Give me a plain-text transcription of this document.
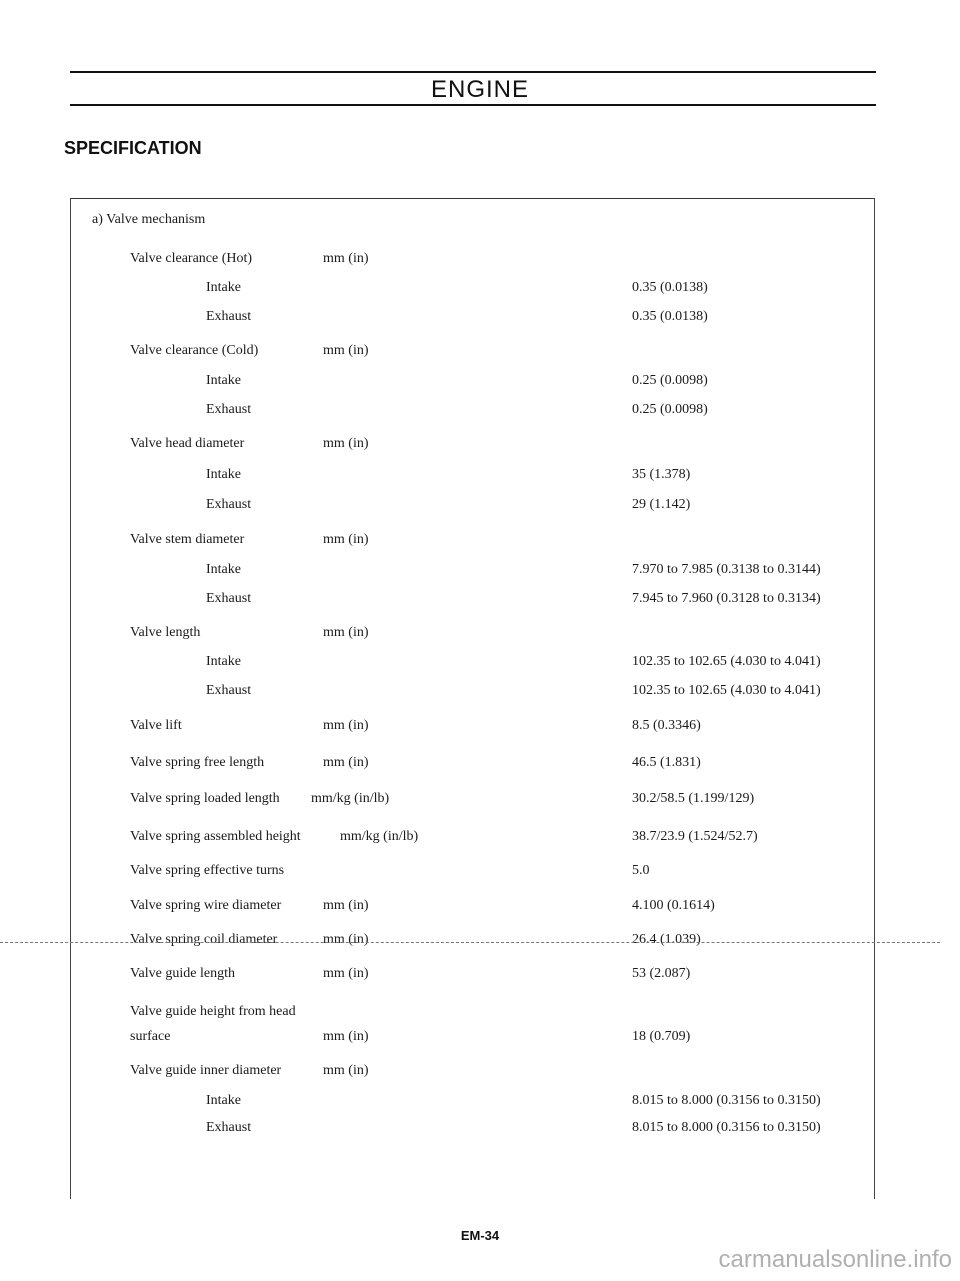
ENGINE
SPECIFICATION
a) Valve mechanism
Valve clearance (Hot)	mm (in)
Intake	0.35 (0.0138)
Exhaust	0.35 (0.0138)
Valve clearance (Cold)	mm (in)
Intake	0.25 (0.0098)
Exhaust	0.25 (0.0098)
Valve head diameter	mm (in)
Intake	35 (1.378)
Exhaust	29 (1.142)
Valve stem diameter	mm (in)
Intake	7.970 to 7.985 (0.3138 to 0.3144)
Exhaust	7.945 to 7.960 (0.3128 to 0.3134)
Valve length	mm (in)
Intake	102.35 to 102.65 (4.030 to 4.041)
Exhaust	102.35 to 102.65 (4.030 to 4.041)
Valve lift	mm (in)	8.5 (0.3346)
Valve spring free length	mm (in)	46.5 (1.831)
Valve spring loaded length mm/kg (in/lb)	30.2/58.5 (1.199/129)
Valve spring assembled height	mm/kg (in/lb)	38.7/23.9 (1.524/52.7)
Valve spring effective turns	5.0
Valve spring wire diameter	mm (in)	4.100 (0.1614)
Valve spring coil diameter	mm (in)	26.4 (1.039)
Valve guide length	mm (in)	53 (2.087)
Valve guide height from head
surface	mm (in)	18 (0.709)
Valve guide inner diameter	mm (in)
Intake	8.015 to 8.000 (0.3156 to 0.3150)
Exhaust	8.015 to 8.000 (0.3156 to 0.3150)
EM-34
carmanualsonline.info
